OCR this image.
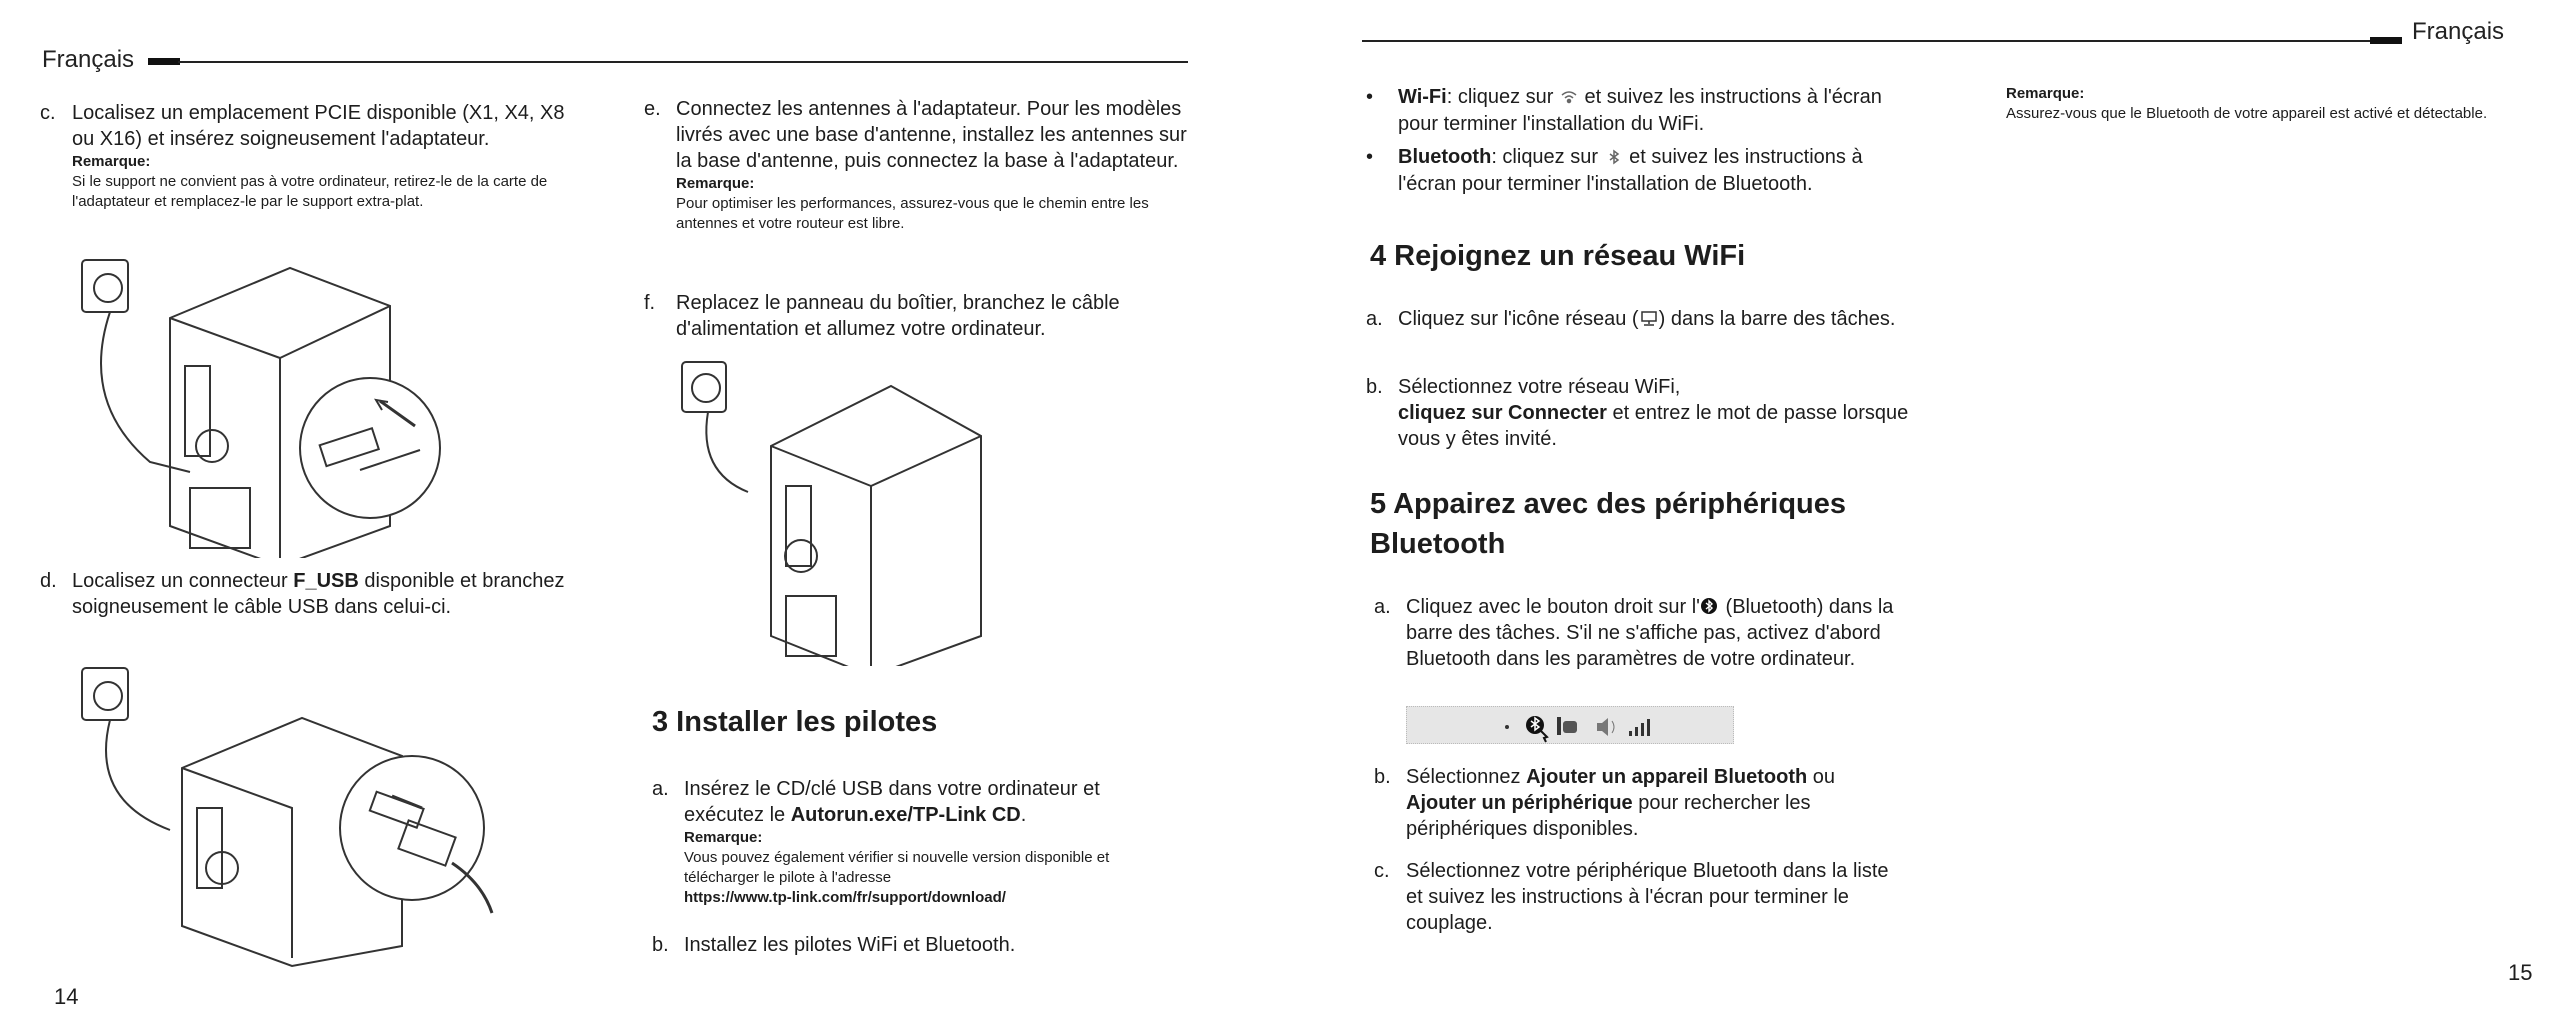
Français
c. Localisez un emplacement PCIE disponible (X1, X4, X8 ou X16) et insérez soigneusement l'adaptateur.
Remarque:
Si le support ne convient pas à votre ordinateur, retirez-le de la carte de l'adaptateur et remplacez-le par le support extra-plat.
d. Localisez un connecteur F_USB disponible et branchez soigneusement le câble USB dans celui-ci.
e. Connectez les antennes à l'adaptateur. Pour les modèles livrés avec une base d'antenne, installez les antennes sur la base d'antenne, puis connectez la base à l'adaptateur.
Remarque:
Pour optimiser les performances, assurez-vous que le chemin entre les antennes et votre routeur est libre.
f. Replacez le panneau du boîtier, branchez le câble d'alimentation et allumez votre ordinateur.
3 Installer les pilotes
a. Insérez le CD/clé USB dans votre ordinateur et exécutez le Autorun.exe/TP-Link CD.
Remarque:
Vous pouvez également vérifier si nouvelle version disponible et télécharger le pilote à l'adresse
https://www.tp-link.com/fr/support/download/
b. Installez les pilotes WiFi et Bluetooth.
14
Français
• Wi-Fi: cliquez sur et suivez les instructions à l'écran pour terminer l'installation du WiFi.
• Bluetooth: cliquez sur et suivez les instructions à l'écran pour terminer l'installation de Bluetooth.
4 Rejoignez un réseau WiFi
a. Cliquez sur l'icône réseau ( ) dans la barre des tâches.
b. Sélectionnez votre réseau WiFi,
cliquez sur Connecter et entrez le mot de passe lorsque vous y êtes invité.
5 Appairez avec des périphériques
Bluetooth
a. Cliquez avec le bouton droit sur l' (Bluetooth) dans la barre des tâches. S'il ne s'affiche pas, activez d'abord Bluetooth dans les paramètres de votre ordinateur.
b. Sélectionnez Ajouter un appareil Bluetooth ou Ajouter un périphérique pour rechercher les périphériques disponibles.
c. Sélectionnez votre périphérique Bluetooth dans la liste et suivez les instructions à l'écran pour terminer le couplage.
Remarque:
Assurez-vous que le Bluetooth de votre appareil est activé et détectable.
15
